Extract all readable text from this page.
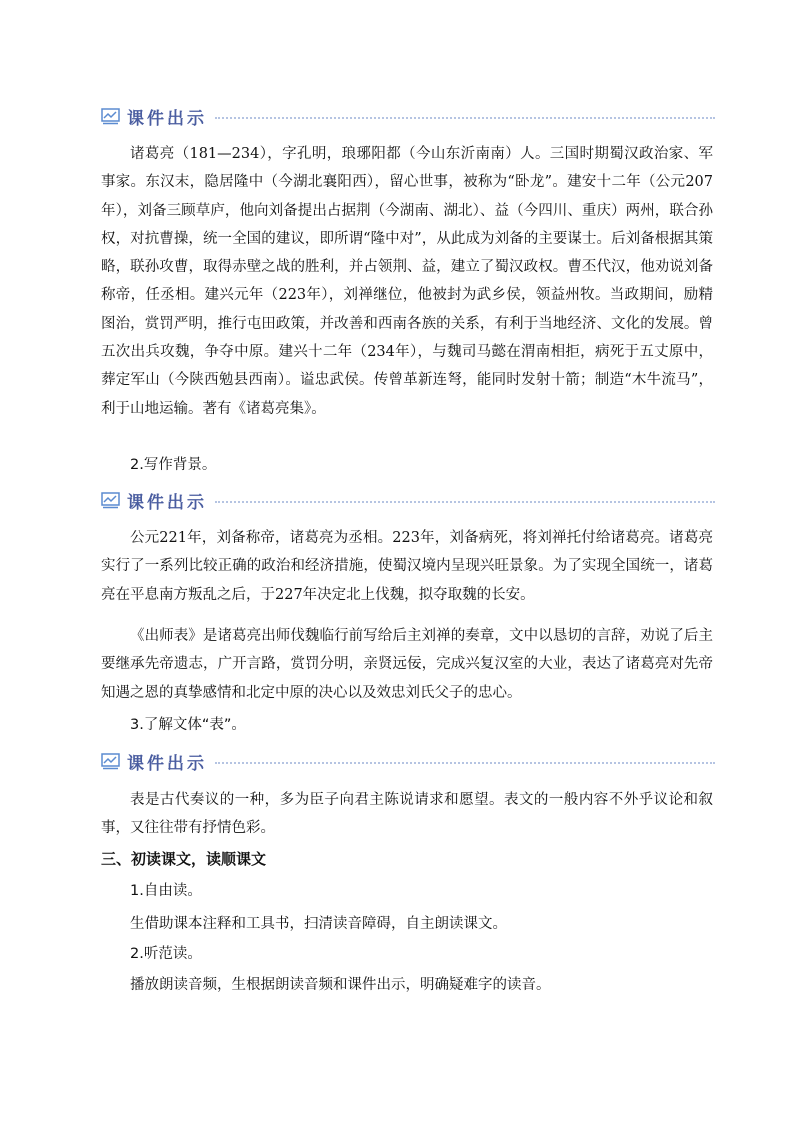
课件出示

诸葛亮（181—234），字孔明，琅琊阳都（今山东沂南南）人。三国时期蜀汉政治家、军事家。东汉末，隐居隆中（今湖北襄阳西），留心世事，被称为“卧龙”。建安十二年（公元207年），刘备三顾草庐，他向刘备提出占据荆（今湖南、湖北）、益（今四川、重庆）两州，联合孙权，对抗曹操，统一全国的建议，即所谓“隆中对”，从此成为刘备的主要谋士。后刘备根据其策略，联孙攻曹，取得赤壁之战的胜利，并占领荆、益，建立了蜀汉政权。曹丕代汉，他劝说刘备称帝，任丞相。建兴元年（223年），刘禅继位，他被封为武乡侯，领益州牧。当政期间，励精图治，赏罚严明，推行屯田政策，并改善和西南各族的关系，有利于当地经济、文化的发展。曾五次出兵攻魏，争夺中原。建兴十二年（234年），与魏司马懿在渭南相拒，病死于五丈原中，葬定军山（今陕西勉县西南）。谥忠武侯。传曾革新连弩，能同时发射十箭；制造“木牛流马”，利于山地运输。著有《诸葛亮集》。

2.写作背景。

课件出示

公元221年，刘备称帝，诸葛亮为丞相。223年，刘备病死，将刘禅托付给诸葛亮。诸葛亮实行了一系列比较正确的政治和经济措施，使蜀汉境内呈现兴旺景象。为了实现全国统一，诸葛亮在平息南方叛乱之后，于227年决定北上伐魏，拟夺取魏的长安。

《出师表》是诸葛亮出师伐魏临行前写给后主刘禅的奏章，文中以恳切的言辞，劝说了后主要继承先帝遗志，广开言路，赏罚分明，亲贤远佞，完成兴复汉室的大业，表达了诸葛亮对先帝知遇之恩的真挚感情和北定中原的决心以及效忠刘氏父子的忠心。

3.了解文体“表”。

课件出示

表是古代奏议的一种，多为臣子向君主陈说请求和愿望。表文的一般内容不外乎议论和叙事，又往往带有抒情色彩。

三、初读课文，读顺课文

1.自由读。

生借助课本注释和工具书，扫清读音障碍，自主朗读课文。

2.听范读。

播放朗读音频，生根据朗读音频和课件出示，明确疑难字的读音。
